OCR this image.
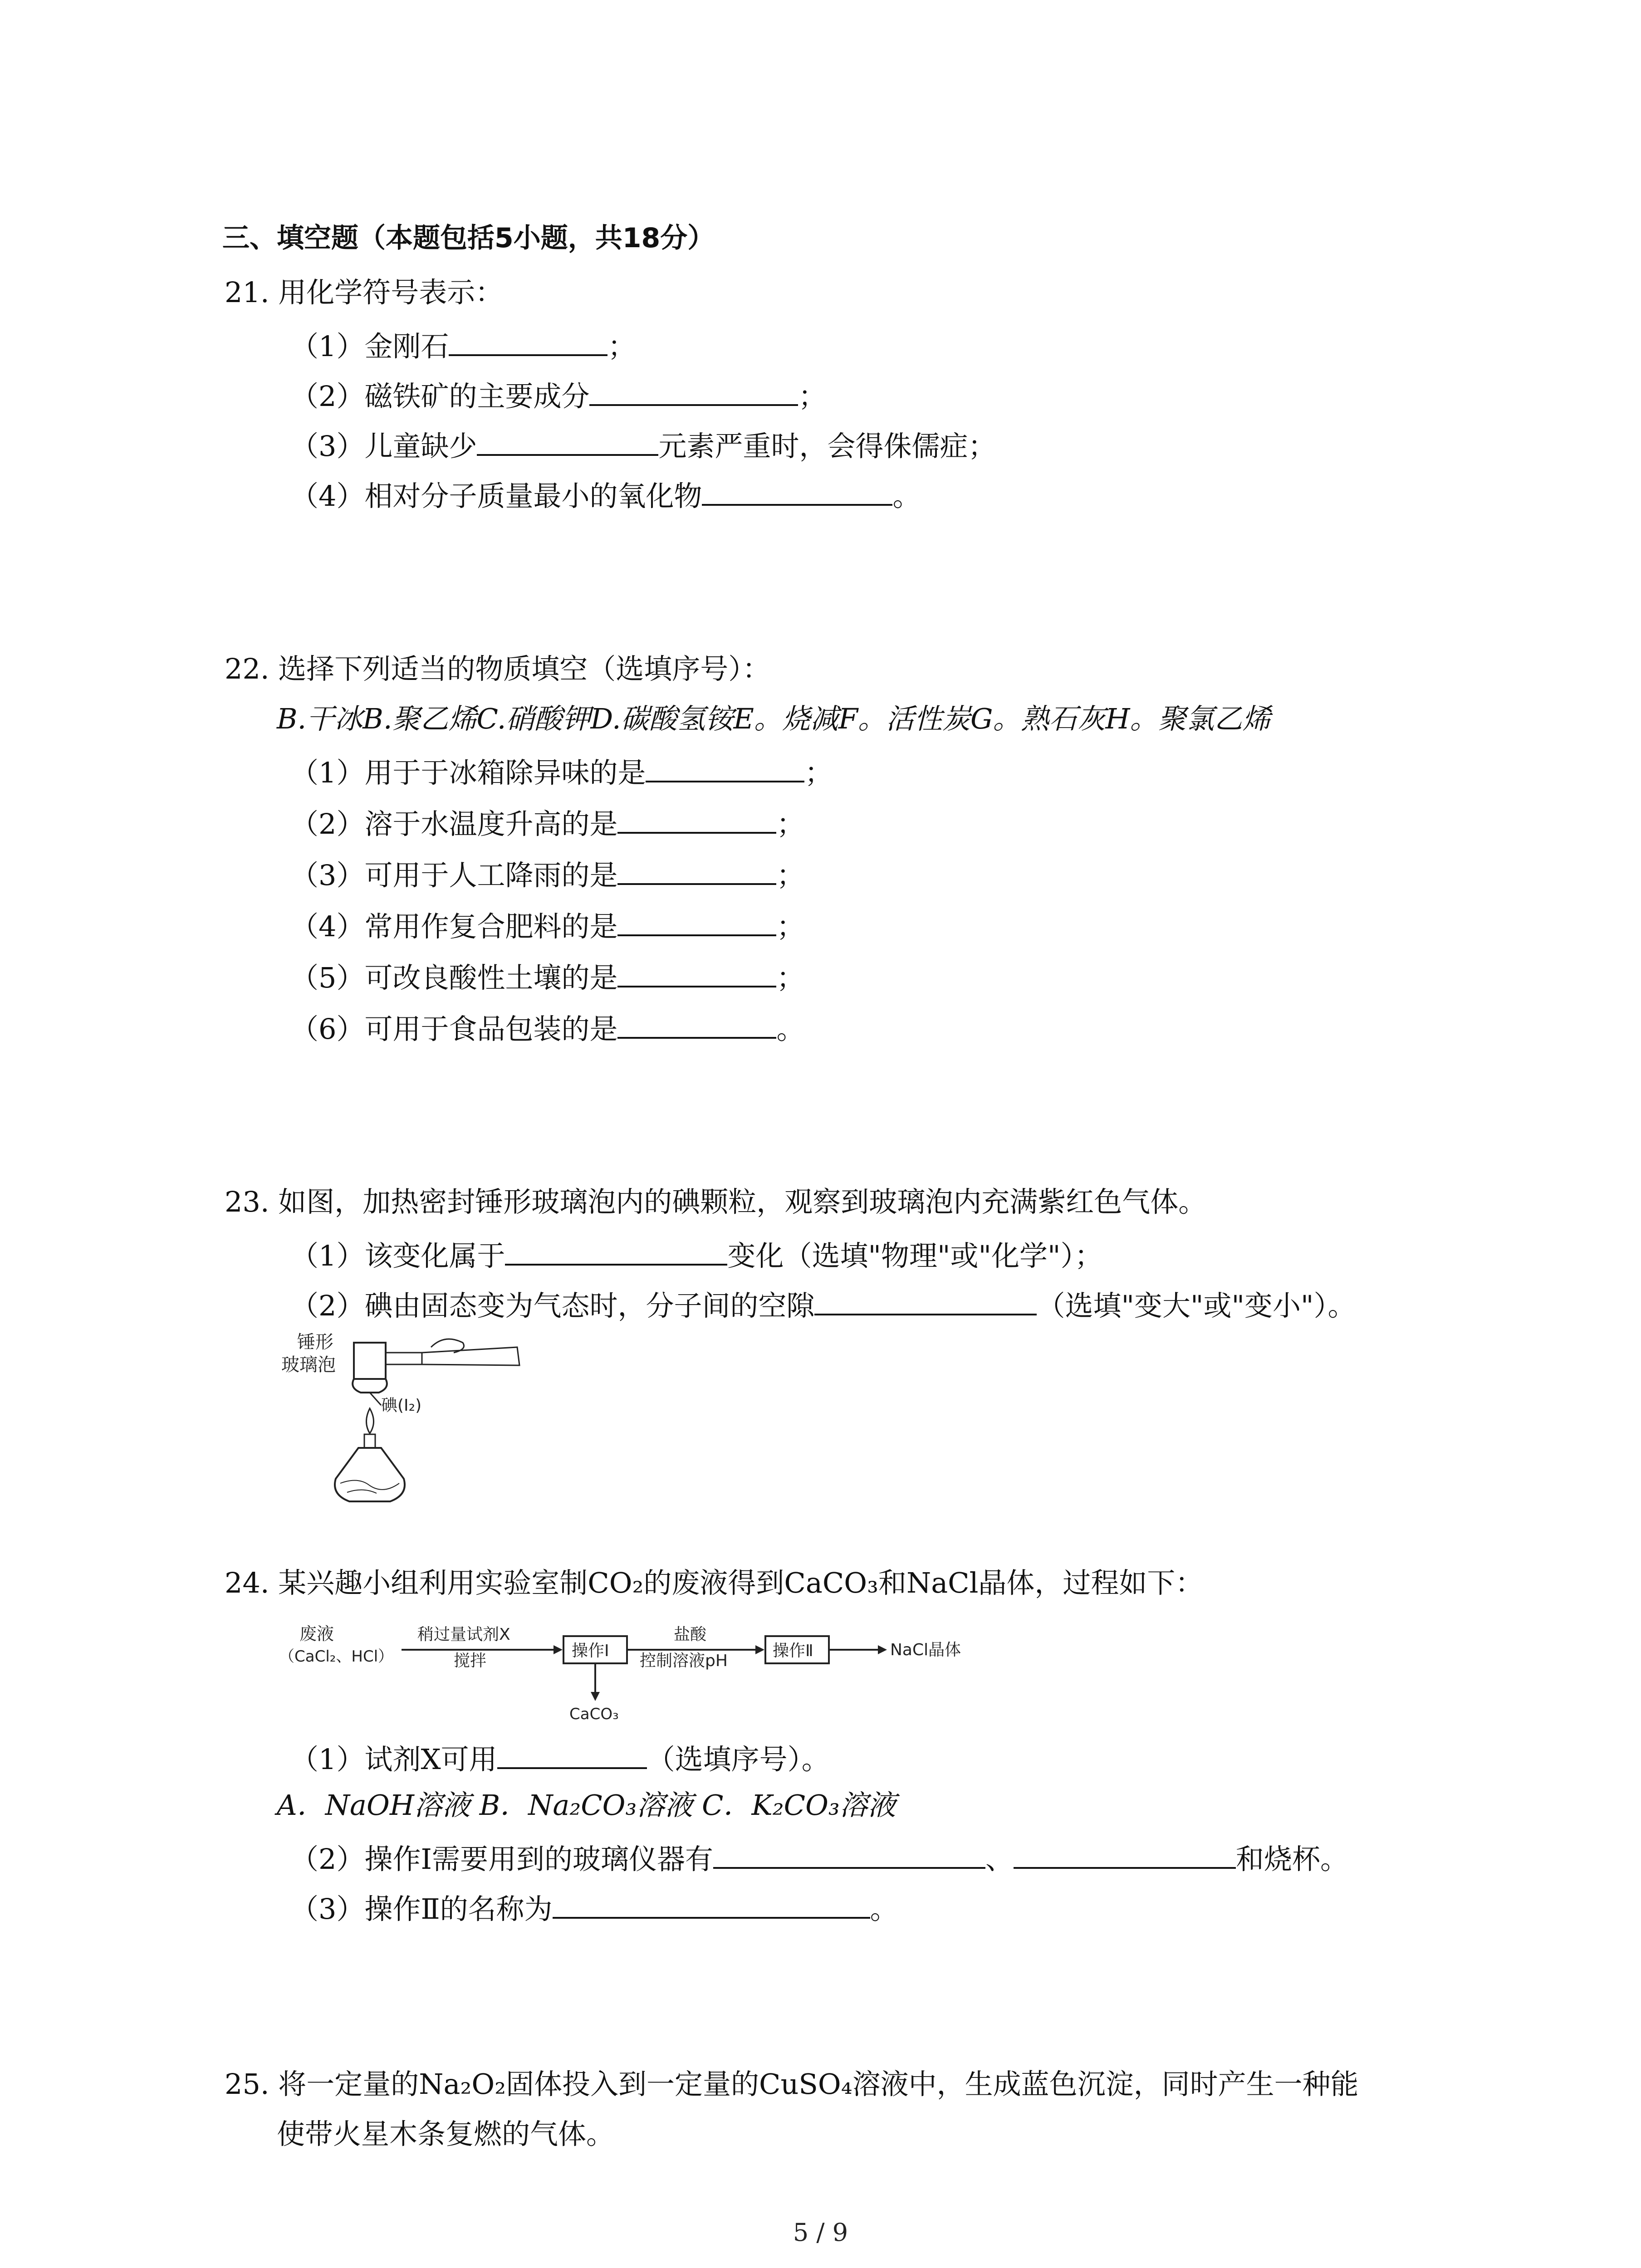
三、填空题（本题包括5小题，共18分）
21. 用化学符号表示：
（1）金刚石	；
（2）磁铁矿的主要成分	；
（3）儿童缺少	元素严重时，会得侏儒症；
（4）相对分子质量最小的氧化物	。
22. 选择下列适当的物质填空（选填序号）：
B.干冰B.聚乙烯C.硝酸钾D.碳酸氢铵E。烧减F。活性炭G。熟石灰H。聚氯乙烯
（1）用于于冰箱除异味的是	；
（2）溶于水温度升高的是	；
（3）可用于人工降雨的是	；
（4）常用作复合肥料的是	；
（5）可改良酸性土壤的是	；
（6）可用于食品包装的是	。
23. 如图，加热密封锤形玻璃泡内的碘颗粒，观察到玻璃泡内充满紫红色气体。
（1）该变化属于	变化（选填"物理"或"化学"）；
（2）碘由固态变为气态时，分子间的空隙	（选填"变大"或"变小"）。
锤形
玻璃泡
碘(I₂)
24. 某兴趣小组利用实验室制CO₂的废液得到CaCO₃和NaCl晶体，过程如下：
废液
（CaCl₂、HCl）
稍过量试剂X
搅拌
操作Ⅰ
CaCO₃
盐酸
控制溶液pH
操作Ⅱ	NaCl晶体
（1）试剂X可用	（选填序号）。
A．NaOH溶液 B．Na₂CO₃溶液 C．K₂CO₃溶液
（2）操作I需要用到的玻璃仪器有	、	和烧杯。
（3）操作Ⅱ的名称为	。
25. 将一定量的Na₂O₂固体投入到一定量的CuSO₄溶液中，生成蓝色沉淀，同时产生一种能
使带火星木条复燃的气体。
5 / 9
